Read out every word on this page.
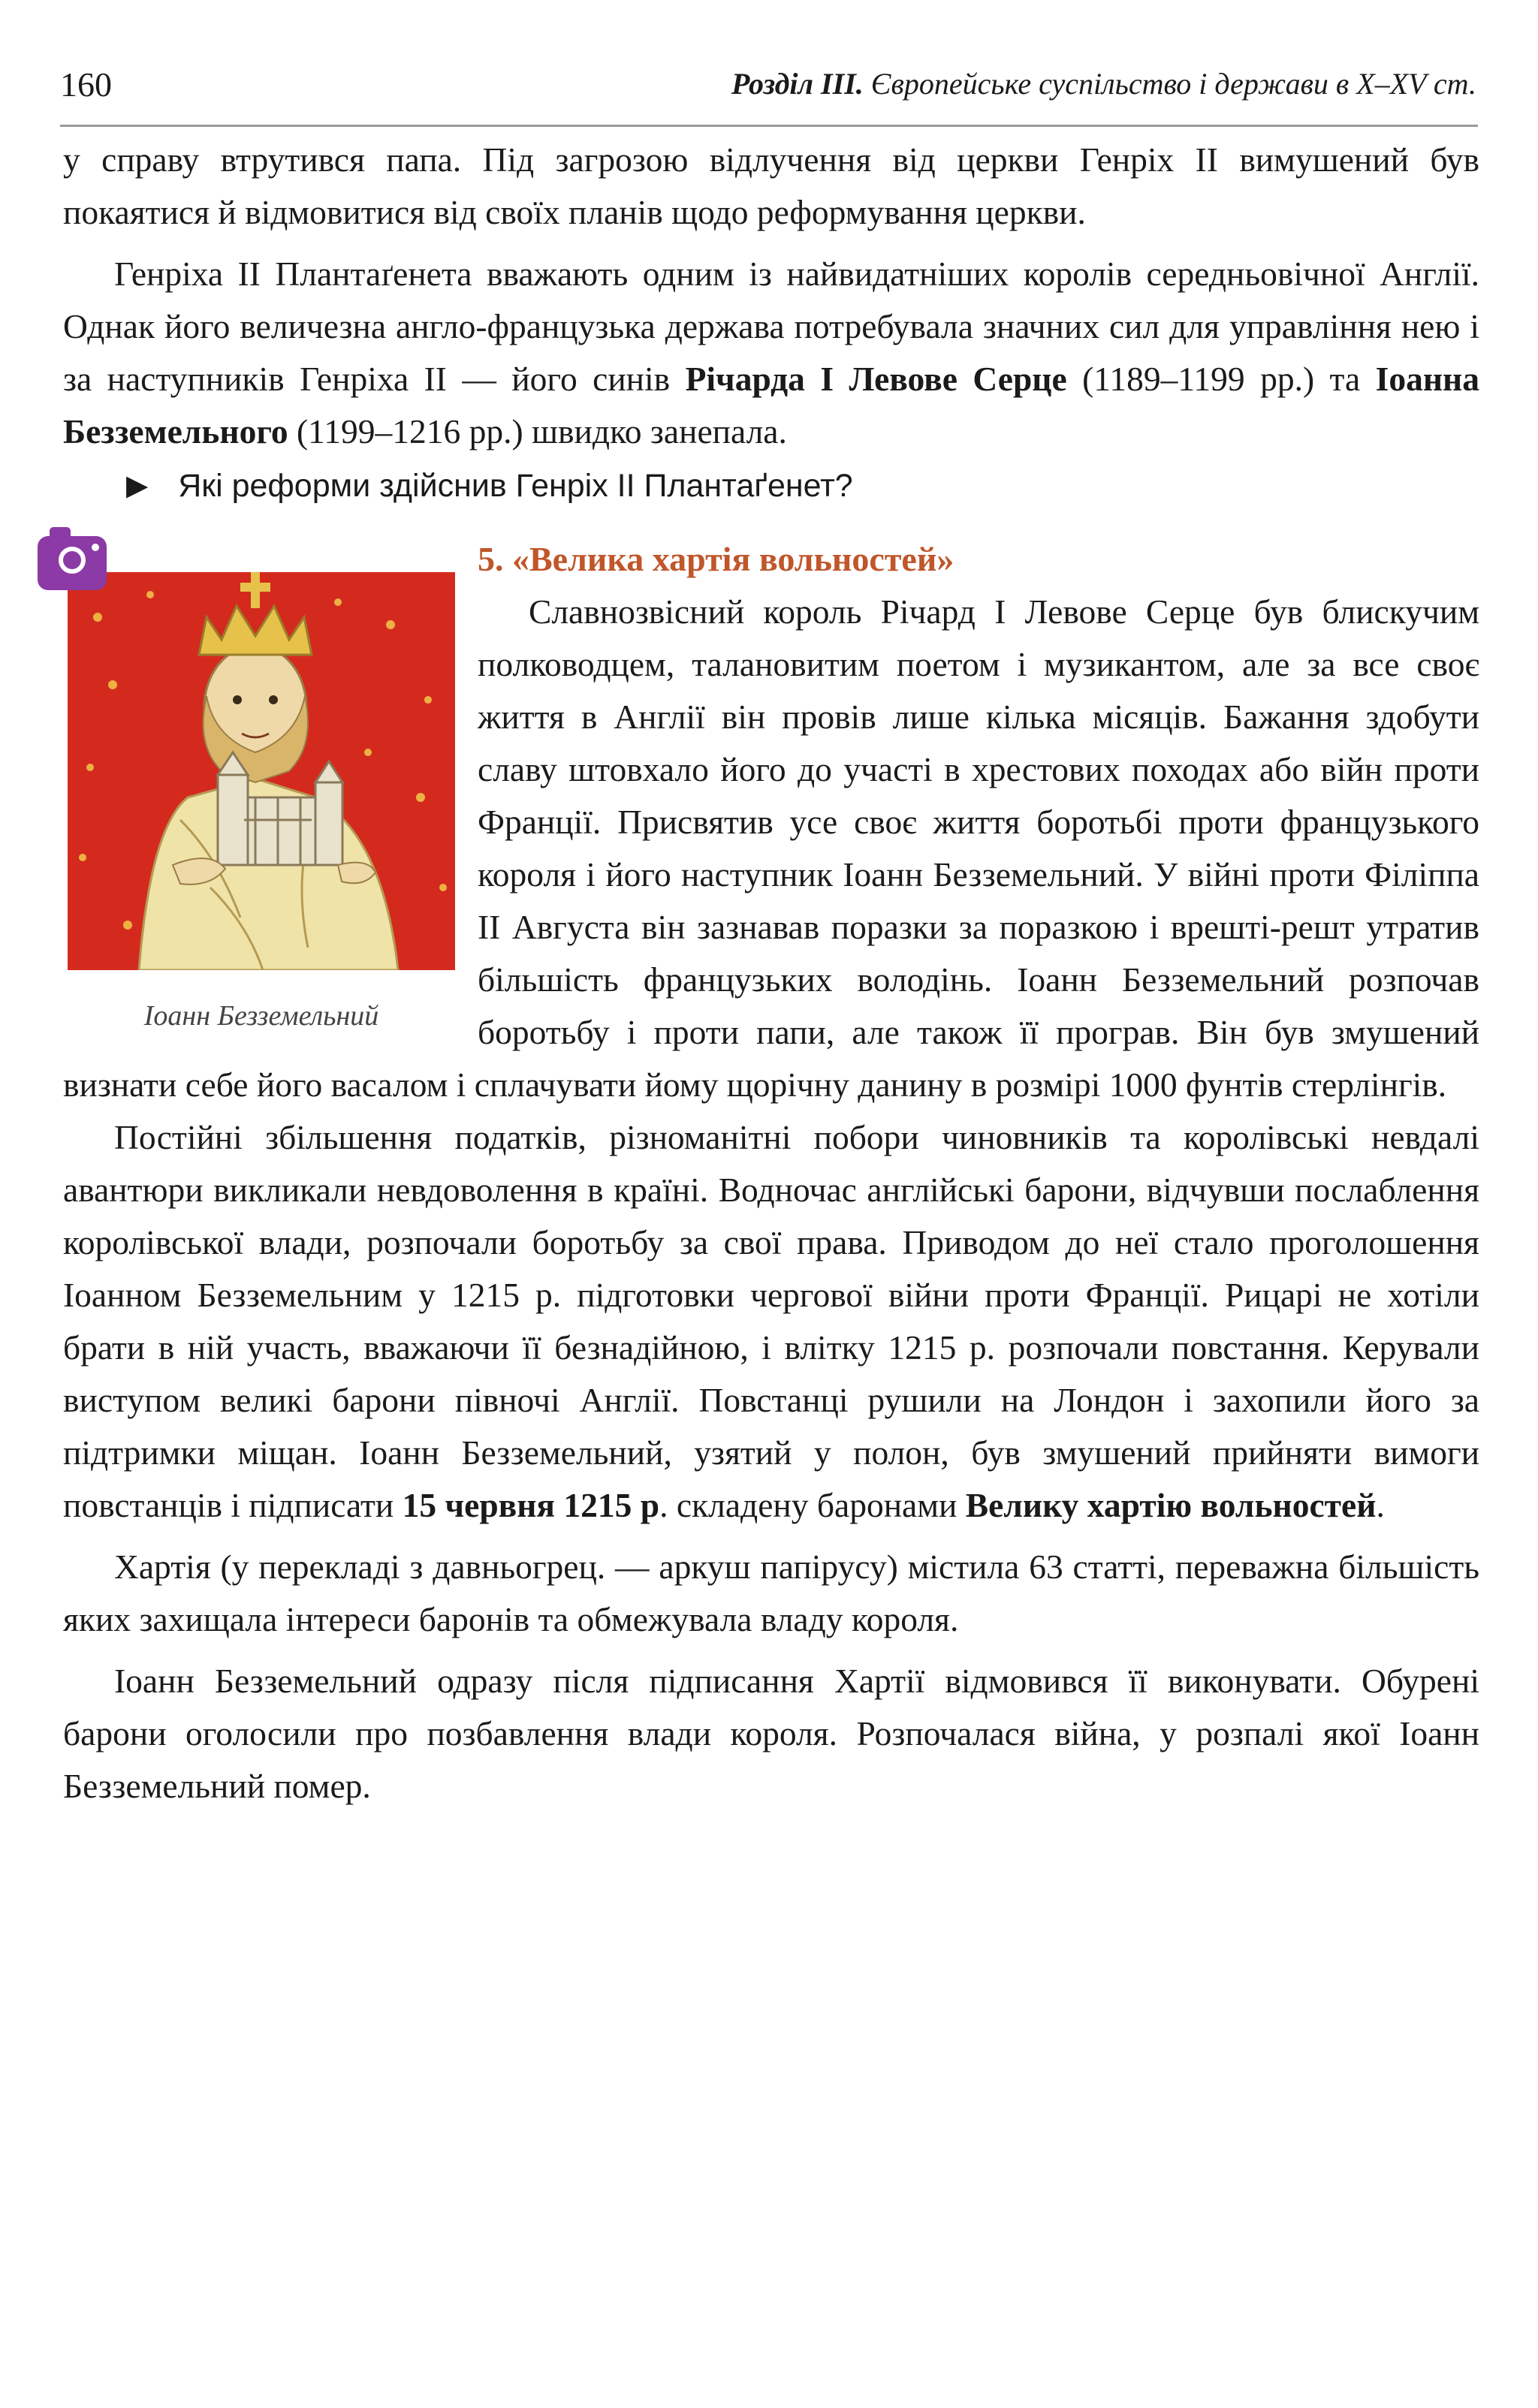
160	Розділ ІІІ. Європейське суспільство і держави в X–XV ст.

у справу втрутився папа. Під загрозою відлучення від церкви Генріх II вимушений був покаятися й відмовитися від своїх планів щодо реформування церкви.

Генріха II Плантаґенета вважають одним із найвидатніших королів середньовічної Англії. Однак його величезна англо-французька держава потребувала значних сил для управління нею і за наступників Генріха II — його синів Річарда I Левове Серце (1189–1199 рр.) та Іоанна Безземельного (1199–1216 рр.) швидко занепала.

▶ Які реформи здійснив Генріх II Плантаґенет?
Іоанн Безземельний
5. «Велика хартія вольностей»

Славнозвісний король Річард I Левове Серце був блискучим полководцем, талановитим поетом і музикантом, але за все своє життя в Англії він провів лише кілька місяців. Бажання здобути славу штовхало його до участі в хрестових походах або війн проти Франції. Присвятив усе своє життя боротьбі проти французького короля і його наступник Іоанн Безземельний. У війні проти Філіппа II Августа він зазнавав поразки за поразкою і врешті-решт утратив більшість французьких володінь. Іоанн Безземельний розпочав боротьбу і проти папи, але також її програв. Він був змушений визнати себе його васалом і сплачувати йому щорічну данину в розмірі 1000 фунтів стерлінгів.

Постійні збільшення податків, різноманітні побори чиновників та королівські невдалі авантюри викликали невдоволення в країні. Водночас англійські барони, відчувши послаблення королівської влади, розпочали боротьбу за свої права. Приводом до неї стало проголошення Іоанном Безземельним у 1215 р. підготовки чергової війни проти Франції. Рицарі не хотіли брати в ній участь, вважаючи її безнадійною, і влітку 1215 р. розпочали повстання. Керували виступом великі барони півночі Англії. Повстанці рушили на Лондон і захопили його за підтримки міщан. Іоанн Безземельний, узятий у полон, був змушений прийняти вимоги повстанців і підписати 15 червня 1215 р. складену баронами Велику хартію вольностей.

Хартія (у перекладі з давньогрец. — аркуш папірусу) містила 63 статті, переважна більшість яких захищала інтереси баронів та обмежувала владу короля.

Іоанн Безземельний одразу після підписання Хартії відмовився її виконувати. Обурені барони оголосили про позбавлення влади короля. Розпочалася війна, у розпалі якої Іоанн Безземельний помер.
